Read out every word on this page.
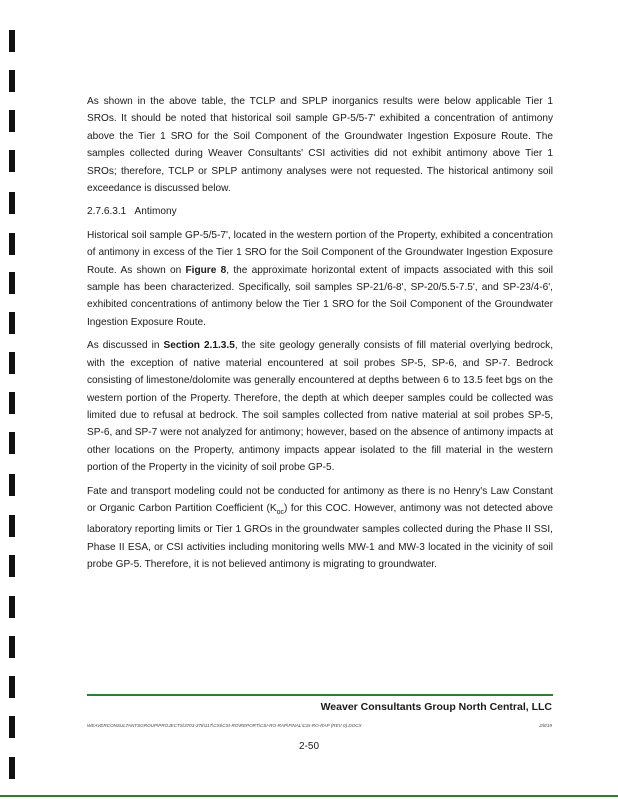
As shown in the above table, the TCLP and SPLP inorganics results were below applicable Tier 1 SROs. It should be noted that historical soil sample GP-5/5-7' exhibited a concentration of antimony above the Tier 1 SRO for the Soil Component of the Groundwater Ingestion Exposure Route. The samples collected during Weaver Consultants' CSI activities did not exhibit antimony above Tier 1 SROs; therefore, TCLP or SPLP antimony analyses were not requested. The historical antimony soil exceedance is discussed below.

2.7.6.3.1 Antimony

Historical soil sample GP-5/5-7', located in the western portion of the Property, exhibited a concentration of antimony in excess of the Tier 1 SRO for the Soil Component of the Groundwater Ingestion Exposure Route. As shown on Figure 8, the approximate horizontal extent of impacts associated with this soil sample has been characterized. Specifically, soil samples SP-21/6-8', SP-20/5.5-7.5', and SP-23/4-6', exhibited concentrations of antimony below the Tier 1 SRO for the Soil Component of the Groundwater Ingestion Exposure Route.

As discussed in Section 2.1.3.5, the site geology generally consists of fill material overlying bedrock, with the exception of native material encountered at soil probes SP-5, SP-6, and SP-7. Bedrock consisting of limestone/dolomite was generally encountered at depths between 6 to 13.5 feet bgs on the western portion of the Property. Therefore, the depth at which deeper samples could be collected was limited due to refusal at bedrock. The soil samples collected from native material at soil probes SP-5, SP-6, and SP-7 were not analyzed for antimony; however, based on the absence of antimony impacts at other locations on the Property, antimony impacts appear isolated to the fill material in the western portion of the Property in the vicinity of soil probe GP-5.

Fate and transport modeling could not be conducted for antimony as there is no Henry's Law Constant or Organic Carbon Partition Coefficient $(K_{oc})$ for this COC. However, antimony was not detected above laboratory reporting limits or Tier 1 GROs in the groundwater samples collected during the Phase II SSI, Phase II ESA, or CSI activities including monitoring wells MW-1 and MW-3 located in the vicinity of soil probe GP-5. Therefore, it is not believed antimony is migrating to groundwater.

Weaver Consultants Group North Central, LLC
WEAVERCONSULTANTSGROUP\PROJECTS\3703-378\117\CSI\CSI-RO\REPORT\CSI-RO-RAP\FINAL\CSI-RO-RAP (REV 0).DOCX	2/8/19
2-50
